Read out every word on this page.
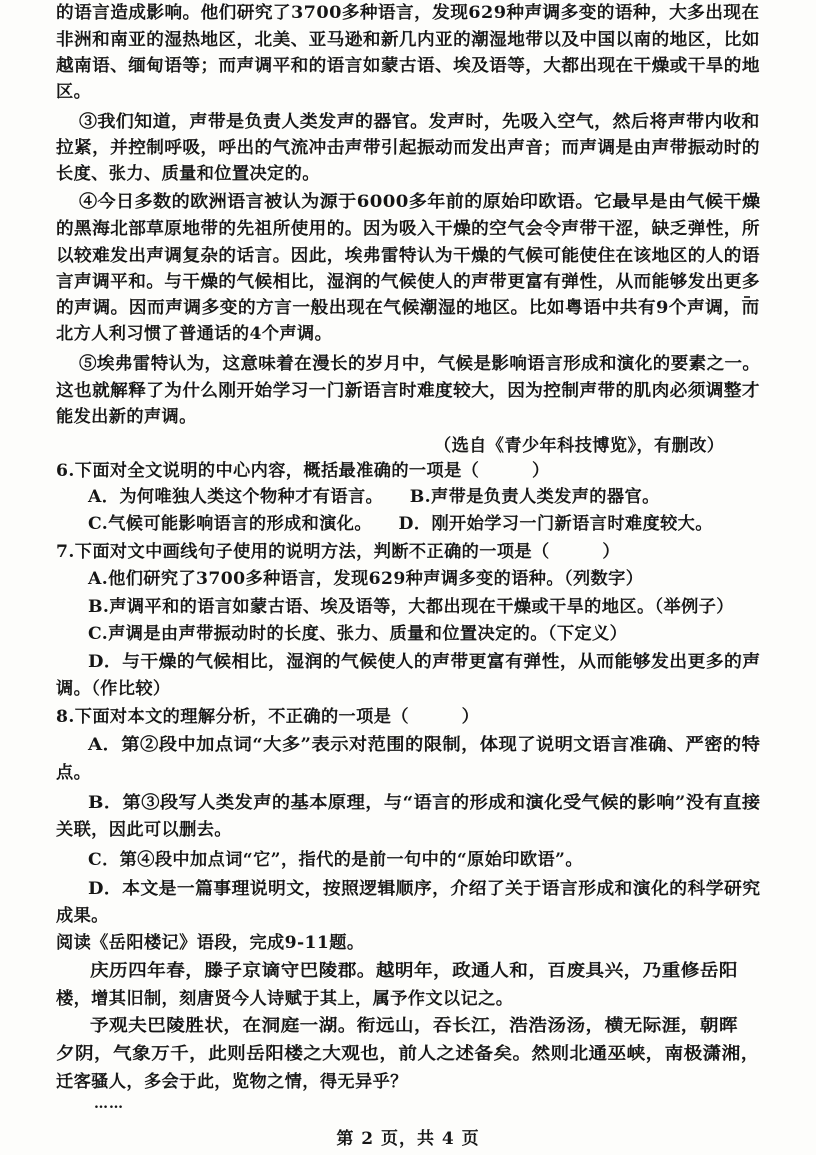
的语言造成影响。他们研究了3700多种语言，发现629种声调多变的语种，大多出现在
非洲和南亚的湿热地区，北美、亚马逊和新几内亚的潮湿地带以及中国以南的地区，比如
越南语、缅甸语等；而声调平和的语言如蒙古语、埃及语等，大都出现在干燥或干旱的地
区。
③我们知道，声带是负责人类发声的器官。发声时，先吸入空气，然后将声带内收和
拉紧，并控制呼吸，呼出的气流冲击声带引起振动而发出声音；而声调是由声带振动时的
长度、张力、质量和位置决定的。
④今日多数的欧洲语言被认为源于6000多年前的原始印欧语。它最早是由气候干燥
的黑海北部草原地带的先祖所使用的。因为吸入干燥的空气会令声带干涩，缺乏弹性，所
以较难发出声调复杂的话言。因此，埃弗雷特认为干燥的气候可能使住在该地区的人的语
言声调平和。与干燥的气候相比，湿润的气候使人的声带更富有弹性，从而能够发出更多
的声调。因而声调多变的方言一般出现在气候潮湿的地区。比如粤语中共有9个声调，而
北方人利习惯了普通话的4个声调。
⑤埃弗雷特认为，这意味着在漫长的岁月中，气候是影响语言形成和演化的要素之一。
这也就解释了为什么刚开始学习一门新语言时难度较大，因为控制声带的肌肉必须调整才
能发出新的声调。
（选自《青少年科技博览》，有删改）
6.下面对全文说明的中心内容，概括最准确的一项是（　　　）
A．为何唯独人类这个物种才有语言。　　B.声带是负责人类发声的器官。
C.气候可能影响语言的形成和演化。　　D．刚开始学习一门新语言时难度较大。
7.下面对文中画线句子使用的说明方法，判断不正确的一项是（　　　）
A.他们研究了3700多种语言，发现629种声调多变的语种。（列数字）
B.声调平和的语言如蒙古语、埃及语等，大都出现在干燥或干旱的地区。（举例子）
C.声调是由声带振动时的长度、张力、质量和位置决定的。（下定义）
D．与干燥的气候相比，湿润的气候使人的声带更富有弹性，从而能够发出更多的声
调。（作比较）
8.下面对本文的理解分析，不正确的一项是（　　　）
A．第②段中加点词“大多”表示对范围的限制，体现了说明文语言准确、严密的特
点。
B．第③段写人类发声的基本原理，与“语言的形成和演化受气候的影响”没有直接
关联，因此可以删去。
C．第④段中加点词“它”，指代的是前一句中的“原始印欧语”。
D．本文是一篇事理说明文，按照逻辑顺序，介绍了关于语言形成和演化的科学研究
成果。
阅读《岳阳楼记》语段，完成9-11题。
庆历四年春，滕子京谪守巴陵郡。越明年，政通人和，百废具兴，乃重修岳阳
楼，增其旧制，刻唐贤今人诗赋于其上，属予作文以记之。
予观夫巴陵胜状，在洞庭一湖。衔远山，吞长江，浩浩汤汤，横无际涯，朝晖
夕阴，气象万千，此则岳阳楼之大观也，前人之述备矣。然则北通巫峡，南极潇湘，
迁客骚人，多会于此，览物之情，得无异乎？
……
第 2 页，共 4 页
